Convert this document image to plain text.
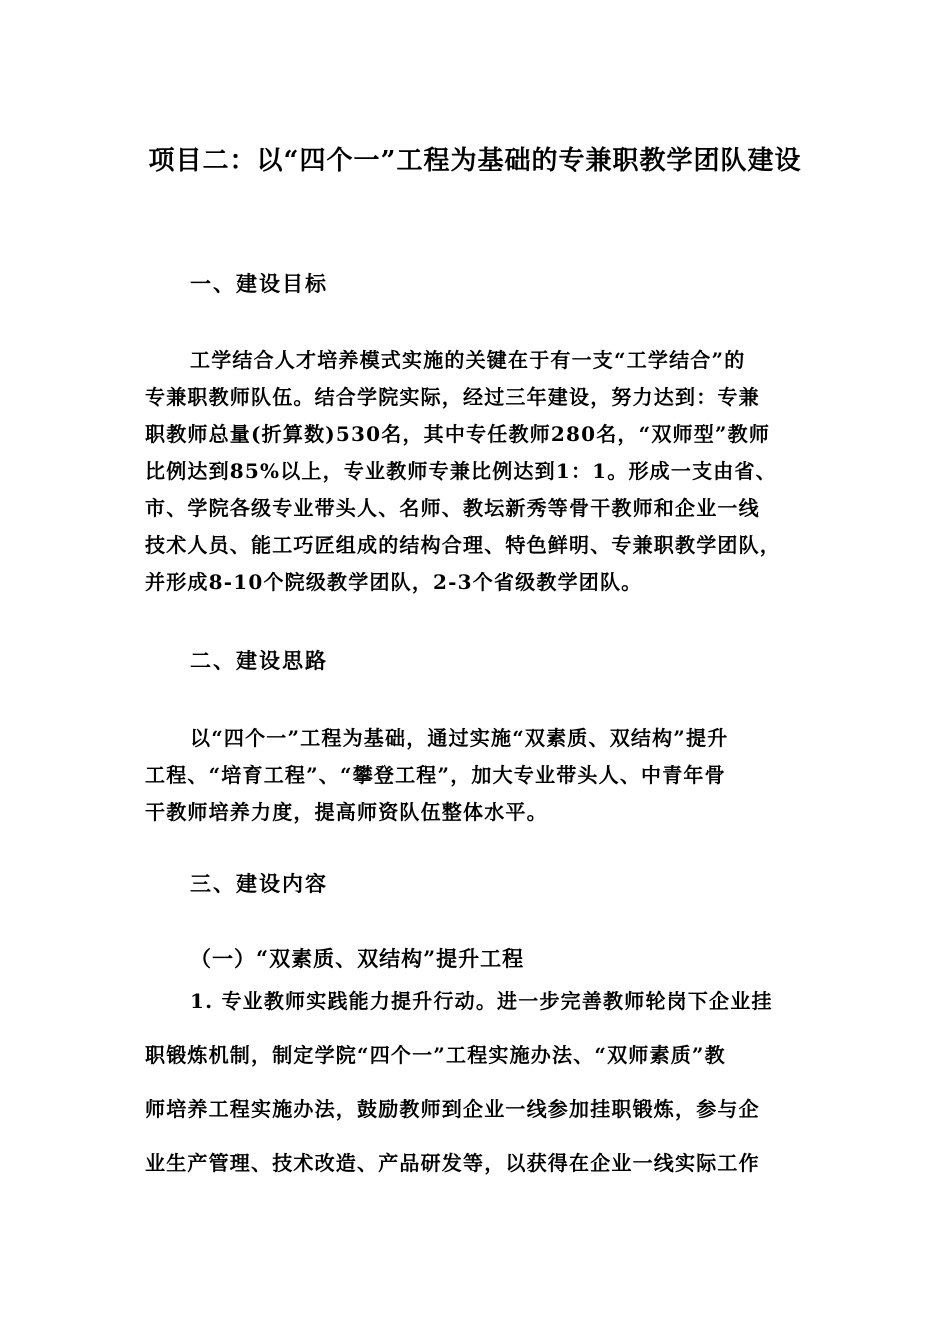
项目二：以“四个一”工程为基础的专兼职教学团队建设
一、建设目标
工学结合人才培养模式实施的关键在于有一支“工学结合”的
专兼职教师队伍。结合学院实际，经过三年建设，努力达到：专兼
职教师总量(折算数)530名，其中专任教师280名，“双师型”教师
比例达到85%以上，专业教师专兼比例达到1：1。形成一支由省、
市、学院各级专业带头人、名师、教坛新秀等骨干教师和企业一线
技术人员、能工巧匠组成的结构合理、特色鲜明、专兼职教学团队，
并形成8-10个院级教学团队，2-3个省级教学团队。
二、建设思路
以“四个一”工程为基础，通过实施“双素质、双结构”提升
工程、“培育工程”、“攀登工程”，加大专业带头人、中青年骨
干教师培养力度，提高师资队伍整体水平。
三、建设内容
（一）“双素质、双结构”提升工程
1. 专业教师实践能力提升行动。进一步完善教师轮岗下企业挂
职锻炼机制，制定学院“四个一”工程实施办法、“双师素质”教
师培养工程实施办法，鼓励教师到企业一线参加挂职锻炼，参与企
业生产管理、技术改造、产品研发等，以获得在企业一线实际工作
